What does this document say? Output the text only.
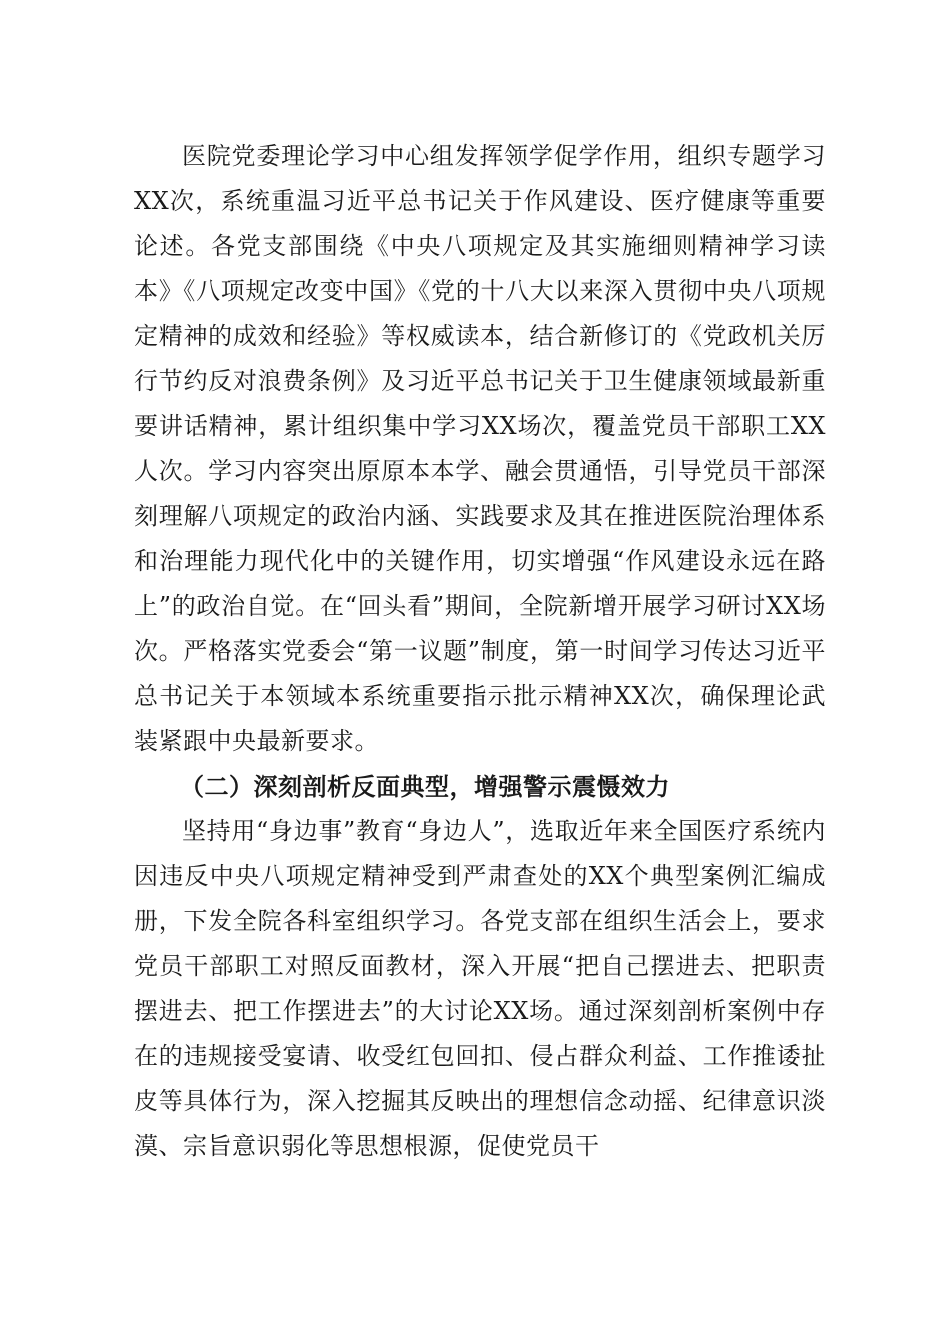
医院党委理论学习中心组发挥领学促学作用，组织专题学习XX次，系统重温习近平总书记关于作风建设、医疗健康等重要论述。各党支部围绕《中央八项规定及其实施细则精神学习读本》《八项规定改变中国》《党的十八大以来深入贯彻中央八项规定精神的成效和经验》等权威读本，结合新修订的《党政机关厉行节约反对浪费条例》及习近平总书记关于卫生健康领域最新重要讲话精神，累计组织集中学习XX场次，覆盖党员干部职工XX人次。学习内容突出原原本本学、融会贯通悟，引导党员干部深刻理解八项规定的政治内涵、实践要求及其在推进医院治理体系和治理能力现代化中的关键作用，切实增强“作风建设永远在路上”的政治自觉。在“回头看”期间，全院新增开展学习研讨XX场次。严格落实党委会“第一议题”制度，第一时间学习传达习近平总书记关于本领域本系统重要指示批示精神XX次，确保理论武装紧跟中央最新要求。

（二）深刻剖析反面典型，增强警示震慑效力

坚持用“身边事”教育“身边人”，选取近年来全国医疗系统内因违反中央八项规定精神受到严肃查处的XX个典型案例汇编成册，下发全院各科室组织学习。各党支部在组织生活会上，要求党员干部职工对照反面教材，深入开展“把自己摆进去、把职责摆进去、把工作摆进去”的大讨论XX场。通过深刻剖析案例中存在的违规接受宴请、收受红包回扣、侵占群众利益、工作推诿扯皮等具体行为，深入挖掘其反映出的理想信念动摇、纪律意识淡漠、宗旨意识弱化等思想根源，促使党员干
